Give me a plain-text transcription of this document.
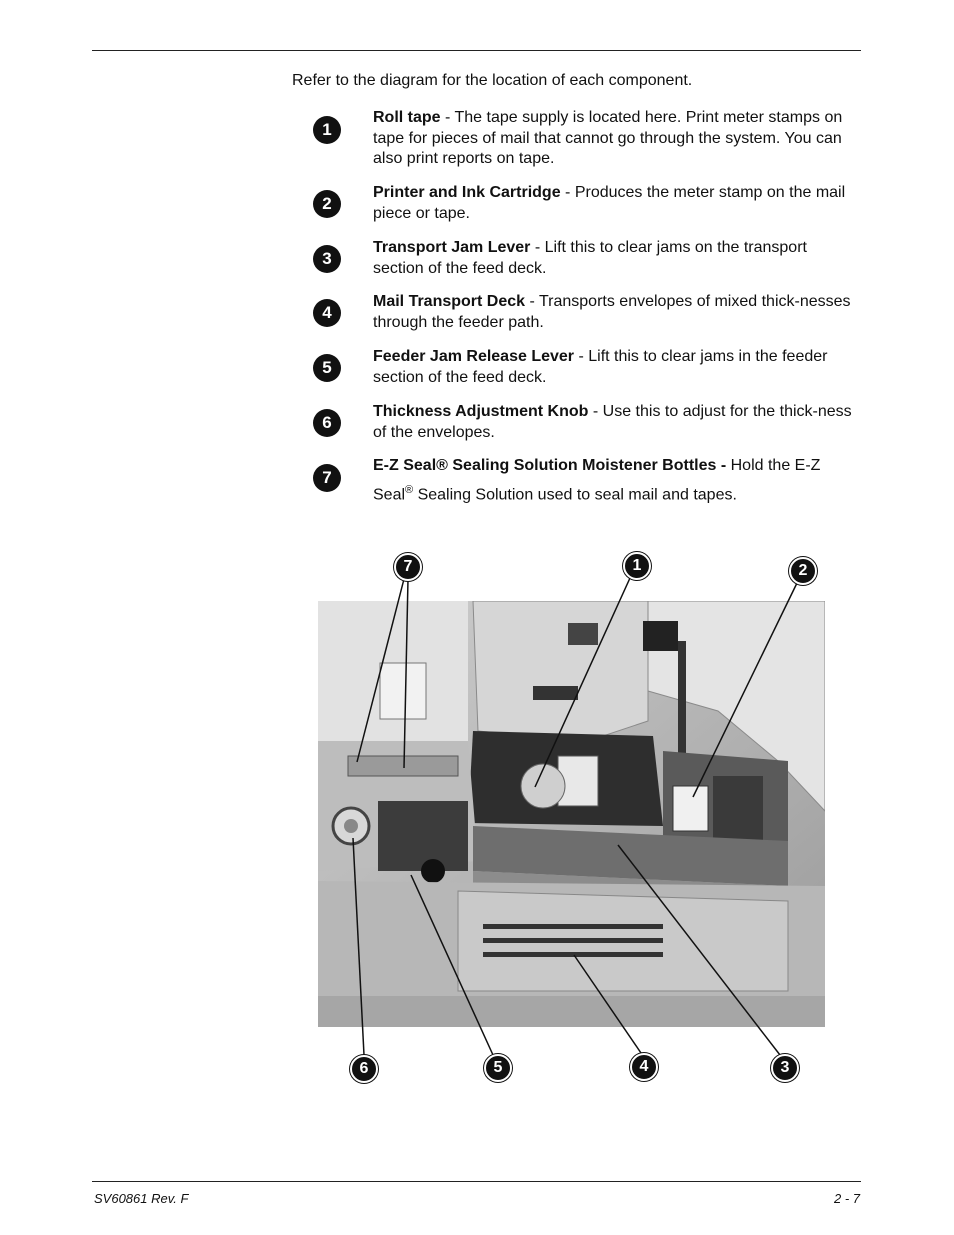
Refer to the diagram for the location of each component.
1
Roll tape - The tape supply is located here. Print meter stamps on tape for pieces of mail that cannot go through the system. You can also print reports on tape.
2
Printer and Ink Cartridge - Produces the meter stamp on the mail piece or tape.
3
Transport Jam Lever - Lift this to clear jams on the transport section of the feed deck.
4
Mail Transport Deck - Transports envelopes of mixed thick-nesses through the feeder path.
5
Feeder Jam Release Lever - Lift this to clear jams in the feeder section of the feed deck.
6
Thickness Adjustment Knob - Use this to adjust for the thick-ness of the envelopes.
7
E-Z Seal® Sealing Solution Moistener Bottles - Hold the E-Z Seal® Sealing Solution used to seal mail and tapes.
7	1	2
6	5	4	3
SV60861 Rev. F	2 - 7
